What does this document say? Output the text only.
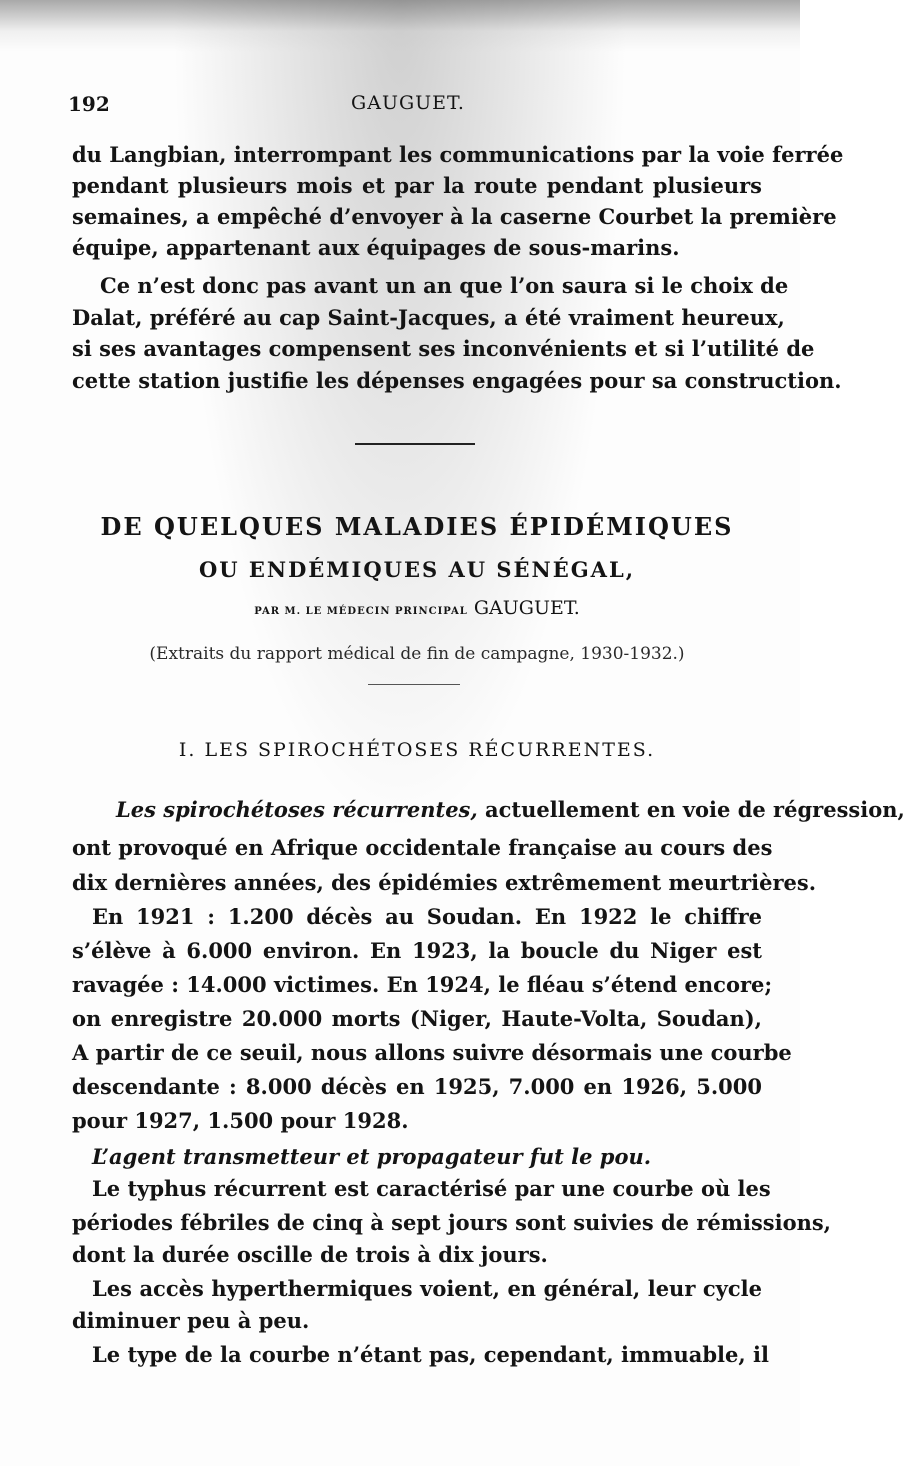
192	GAUGUET.
du Langbian, interrompant les communications par la voie ferrée
pendant plusieurs mois et par la route pendant plusieurs
semaines, a empêché d’envoyer à la caserne Courbet la première
équipe, appartenant aux équipages de sous-marins.
Ce n’est donc pas avant un an que l’on saura si le choix de
Dalat, préféré au cap Saint-Jacques, a été vraiment heureux,
si ses avantages compensent ses inconvénients et si l’utilité de
cette station justifie les dépenses engagées pour sa construction.
DE QUELQUES MALADIES ÉPIDÉMIQUES
OU ENDÉMIQUES AU SÉNÉGAL,
PAR M. LE MÉDECIN PRINCIPAL GAUGUET.
(Extraits du rapport médical de fin de campagne, 1930-1932.)
I. LES SPIROCHÉTOSES RÉCURRENTES.
Les spirochétoses récurrentes, actuellement en voie de régression,
ont provoqué en Afrique occidentale française au cours des
dix dernières années, des épidémies extrêmement meurtrières.
En 1921 : 1.200 décès au Soudan. En 1922 le chiffre
s’élève à 6.000 environ. En 1923, la boucle du Niger est
ravagée : 14.000 victimes. En 1924, le fléau s’étend encore;
on enregistre 20.000 morts (Niger, Haute-Volta, Soudan),
A partir de ce seuil, nous allons suivre désormais une courbe
descendante : 8.000 décès en 1925, 7.000 en 1926, 5.000
pour 1927, 1.500 pour 1928.
L’agent transmetteur et propagateur fut le pou.
Le typhus récurrent est caractérisé par une courbe où les
périodes fébriles de cinq à sept jours sont suivies de rémissions,
dont la durée oscille de trois à dix jours.
Les accès hyperthermiques voient, en général, leur cycle
diminuer peu à peu.
Le type de la courbe n’étant pas, cependant, immuable, il
